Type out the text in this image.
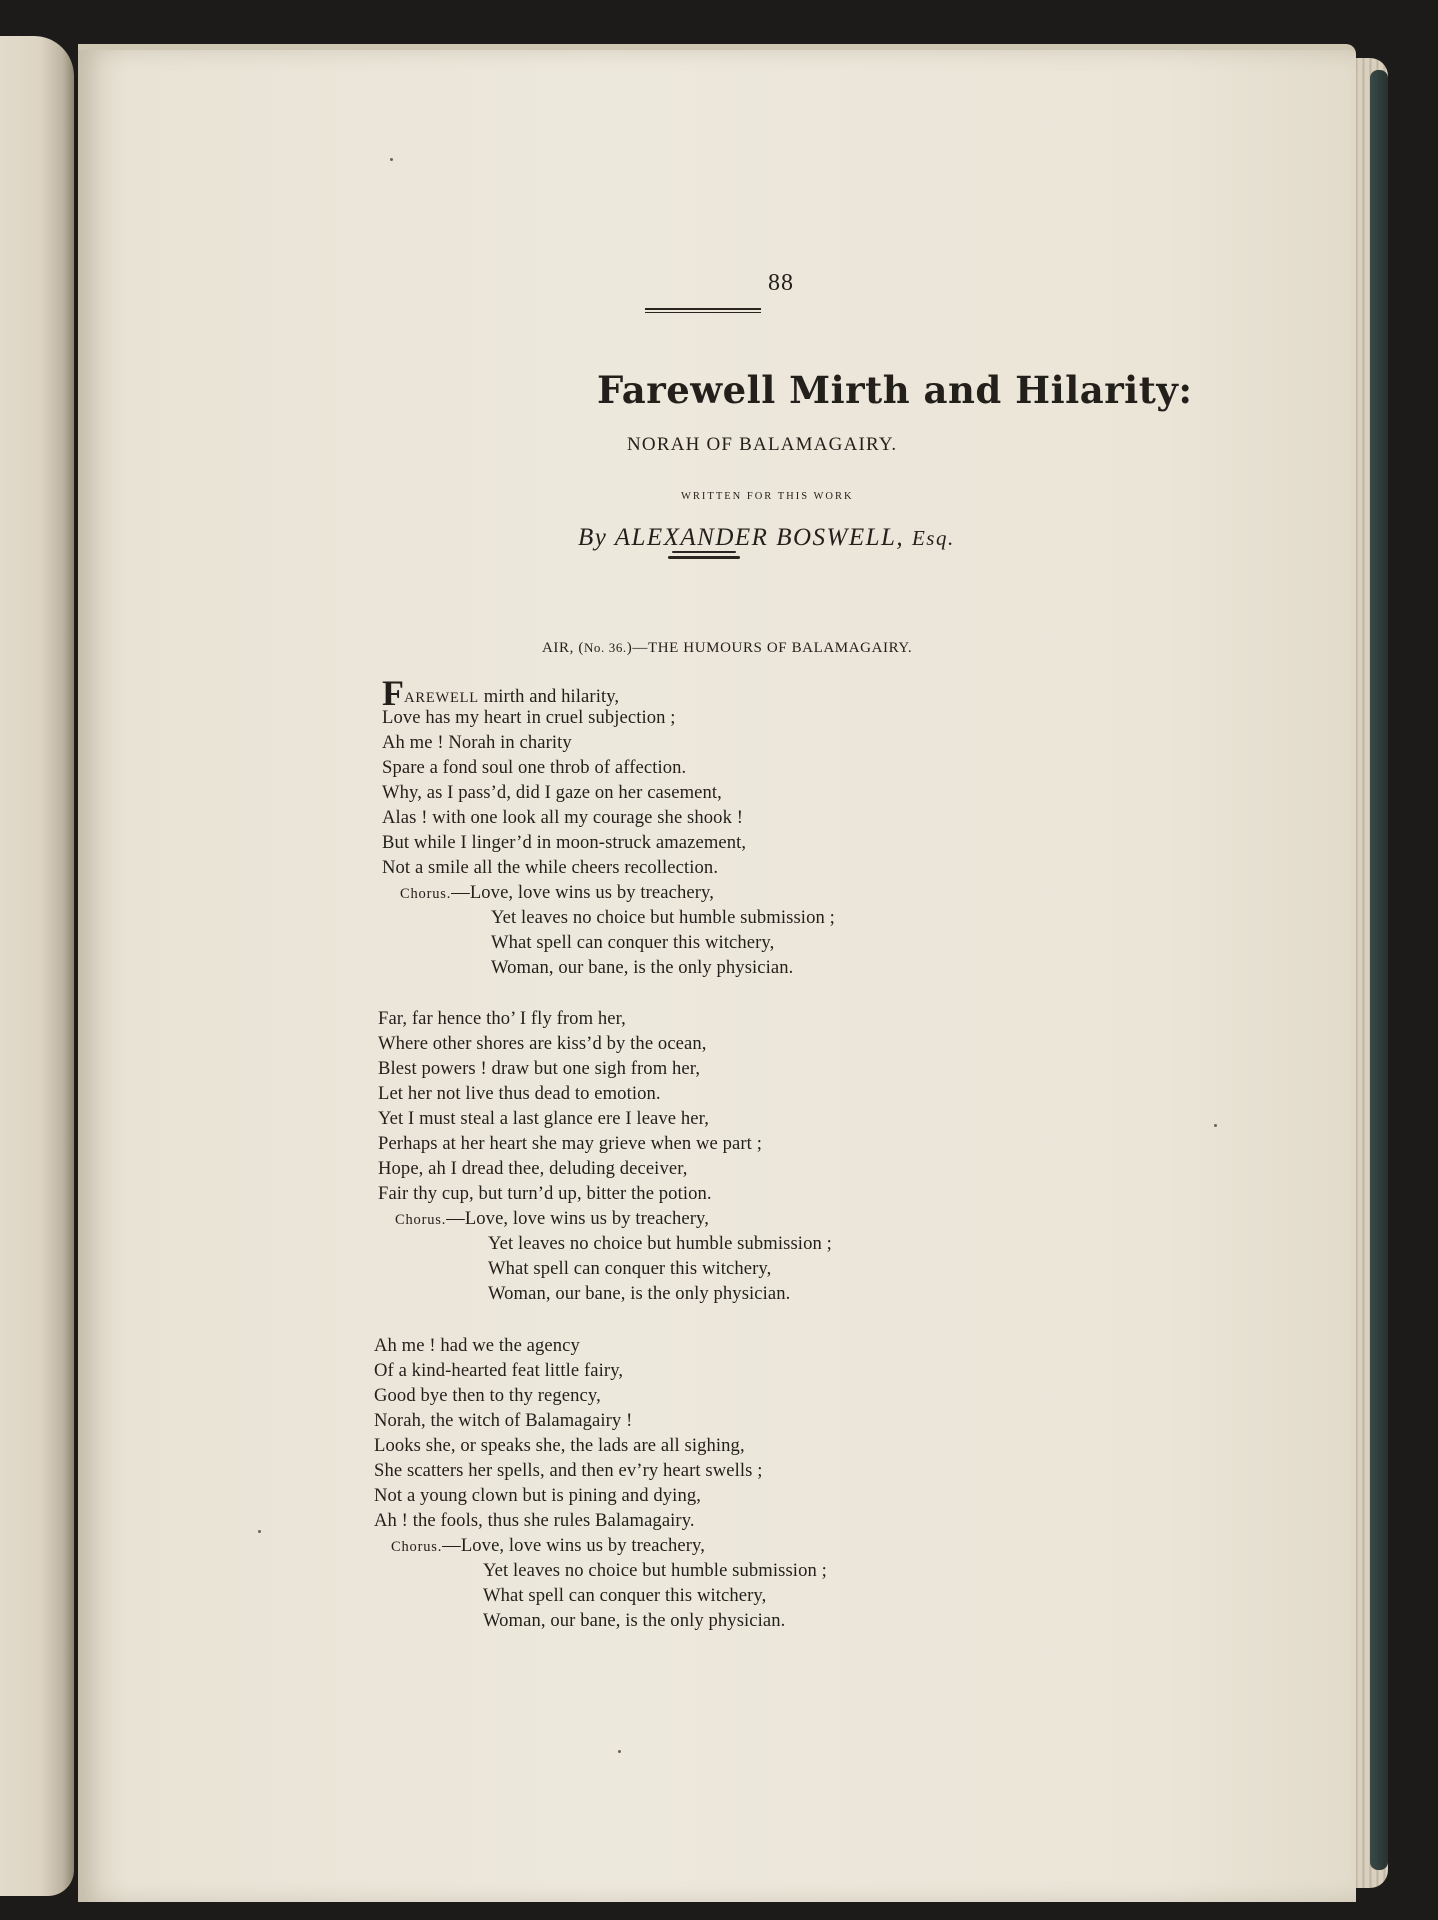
88
Farewell Mirth and Hilarity:
NORAH OF BALAMAGAIRY.
WRITTEN FOR THIS WORK
By ALEXANDER BOSWELL, Esq.
AIR, (No. 36.)—THE HUMOURS OF BALAMAGAIRY.
FAREWELL mirth and hilarity,
Love has my heart in cruel subjection ;
Ah me ! Norah in charity
Spare a fond soul one throb of affection.
Why, as I pass’d, did I gaze on her casement,
Alas ! with one look all my courage she shook !
But while I linger’d in moon-struck amazement,
Not a smile all the while cheers recollection.
Chorus.—Love, love wins us by treachery,
Yet leaves no choice but humble submission ;
What spell can conquer this witchery,
Woman, our bane, is the only physician.
Far, far hence tho’ I fly from her,
Where other shores are kiss’d by the ocean,
Blest powers ! draw but one sigh from her,
Let her not live thus dead to emotion.
Yet I must steal a last glance ere I leave her,
Perhaps at her heart she may grieve when we part ;
Hope, ah I dread thee, deluding deceiver,
Fair thy cup, but turn’d up, bitter the potion.
Chorus.—Love, love wins us by treachery,
Yet leaves no choice but humble submission ;
What spell can conquer this witchery,
Woman, our bane, is the only physician.
Ah me ! had we the agency
Of a kind-hearted feat little fairy,
Good bye then to thy regency,
Norah, the witch of Balamagairy !
Looks she, or speaks she, the lads are all sighing,
She scatters her spells, and then ev’ry heart swells ;
Not a young clown but is pining and dying,
Ah ! the fools, thus she rules Balamagairy.
Chorus.—Love, love wins us by treachery,
Yet leaves no choice but humble submission ;
What spell can conquer this witchery,
Woman, our bane, is the only physician.
